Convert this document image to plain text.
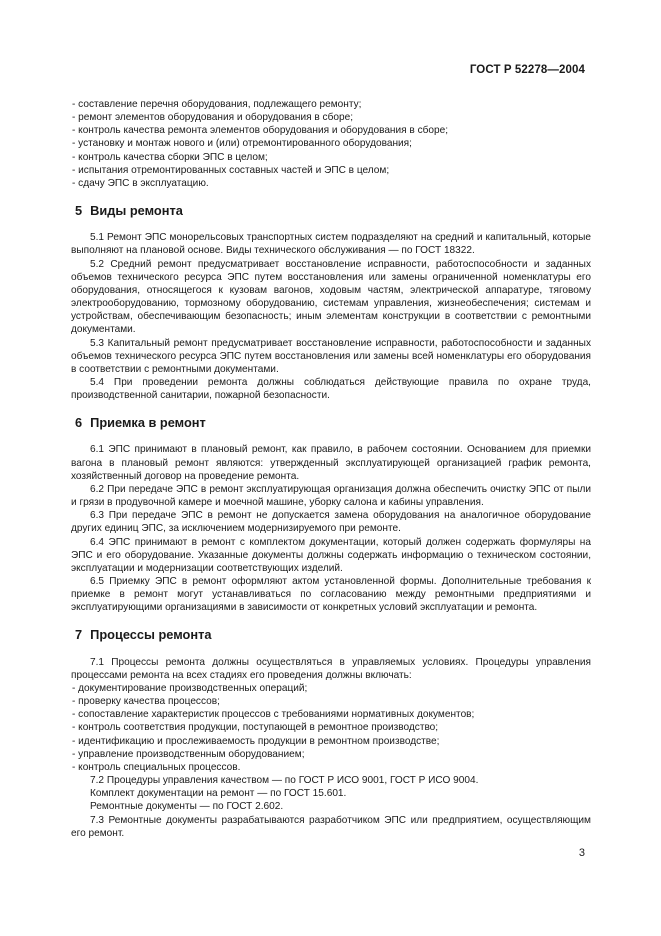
ГОСТ Р 52278—2004

- составление перечня оборудования, подлежащего ремонту;

- ремонт элементов оборудования и оборудования в сборе;

- контроль качества ремонта элементов оборудования и оборудования в сборе;

- установку и монтаж нового и (или) отремонтированного оборудования;

- контроль качества сборки ЭПС в целом;

- испытания отремонтированных составных частей и ЭПС в целом;

- сдачу ЭПС в эксплуатацию.

5 Виды ремонта

5.1 Ремонт ЭПС монорельсовых транспортных систем подразделяют на средний и капитальный, которые выполняют на плановой основе. Виды технического обслуживания — по ГОСТ 18322.

5.2 Средний ремонт предусматривает восстановление исправности, работоспособности и заданных объемов технического ресурса ЭПС путем восстановления или замены ограниченной номенклатуры его оборудования, относящегося к кузовам вагонов, ходовым частям, электрической аппаратуре, тяговому электрооборудованию, тормозному оборудованию, системам управления, жизнеобеспечения; системам и устройствам, обеспечивающим безопасность; иным элементам конструкции в соответствии с ремонтными документами.

5.3 Капитальный ремонт предусматривает восстановление исправности, работоспособности и заданных объемов технического ресурса ЭПС путем восстановления или замены всей номенклатуры его оборудования в соответствии с ремонтными документами.

5.4 При проведении ремонта должны соблюдаться действующие правила по охране труда, производственной санитарии, пожарной безопасности.

6 Приемка в ремонт

6.1 ЭПС принимают в плановый ремонт, как правило, в рабочем состоянии. Основанием для приемки вагона в плановый ремонт являются: утвержденный эксплуатирующей организацией график ремонта, хозяйственный договор на проведение ремонта.

6.2 При передаче ЭПС в ремонт эксплуатирующая организация должна обеспечить очистку ЭПС от пыли и грязи в продувочной камере и моечной машине, уборку салона и кабины управления.

6.3 При передаче ЭПС в ремонт не допускается замена оборудования на аналогичное оборудование других единиц ЭПС, за исключением модернизируемого при ремонте.

6.4 ЭПС принимают в ремонт с комплектом документации, который должен содержать формуляры на ЭПС и его оборудование. Указанные документы должны содержать информацию о техническом состоянии, эксплуатации и модернизации соответствующих изделий.

6.5 Приемку ЭПС в ремонт оформляют актом установленной формы. Дополнительные требования к приемке в ремонт могут устанавливаться по согласованию между ремонтными предприятиями и эксплуатирующими организациями в зависимости от конкретных условий эксплуатации и ремонта.

7 Процессы ремонта

7.1 Процессы ремонта должны осуществляться в управляемых условиях. Процедуры управления процессами ремонта на всех стадиях его проведения должны включать:

- документирование производственных операций;

- проверку качества процессов;

- сопоставление характеристик процессов с требованиями нормативных документов;

- контроль соответствия продукции, поступающей в ремонтное производство;

- идентификацию и прослеживаемость продукции в ремонтном производстве;

- управление производственным оборудованием;

- контроль специальных процессов.

7.2 Процедуры управления качеством — по ГОСТ Р ИСО 9001, ГОСТ Р ИСО 9004.

Комплект документации на ремонт — по ГОСТ 15.601.

Ремонтные документы — по ГОСТ 2.602.

7.3 Ремонтные документы разрабатываются разработчиком ЭПС или предприятием, осуществляющим его ремонт.

3
